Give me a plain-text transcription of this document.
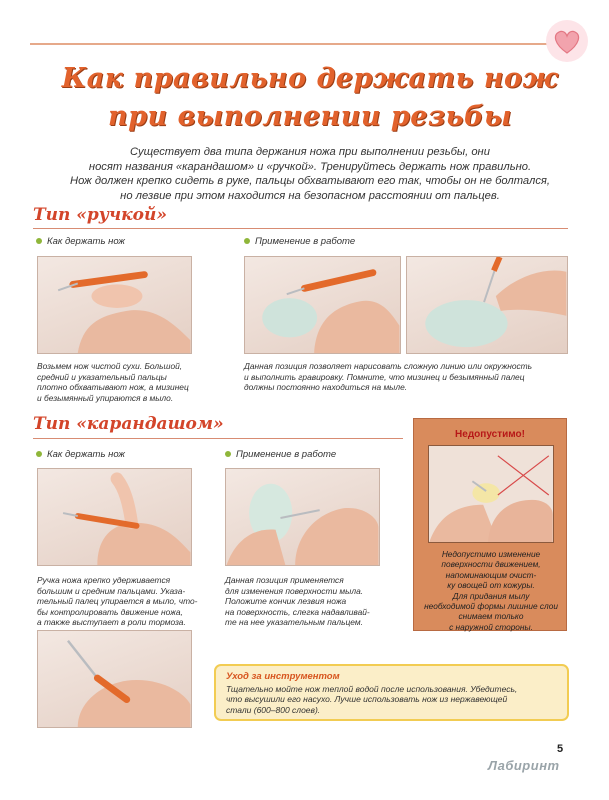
Как правильно держать нож
при выполнении резьбы
Существует два типа держания ножа при выполнении резьбы, они
носят названия «карандашом» и «ручкой». Тренируйтесь держать нож правильно.
Нож должен крепко сидеть в руке, пальцы обхватывают его так, чтобы он не болтался,
но лезвие при этом находится на безопасном расстоянии от пальцев.
Тип «ручкой»
Как держать нож	Применение в работе
Возьмем нож чистой сухи. Большой,
средний и указательный пальцы
плотно обхватывают нож, а мизинец
и безымянный упираются в мыло.
Данная позиция позволяет нарисовать сложную линию или окружность
и выполнить гравировку. Помните, что мизинец и безымянный палец
должны постоянно находиться на мыле.
Тип «карандашом»
Как держать нож	Применение в работе
Ручка ножа крепко удерживается
большим и средним пальцами. Указа-
тельный палец упирается в мыло, что-
бы контролировать движение ножа,
а также выступает в роли тормоза.
Данная позиция применяется
для изменения поверхности мыла.
Положите кончик лезвия ножа
на поверхность, слегка надавливай-
те на нее указательным пальцем.
Недопустимо!
Недопустимо изменение
поверхности движением,
напоминающим очист-
ку овощей от кожуры.
Для придания мылу
необходимой формы лишние слои снимаем только
с наружной стороны.
Уход за инструментом
Тщательно мойте нож теплой водой после использования. Убедитесь,
что высушили его насухо. Лучше использовать нож из нержавеющей
стали (600–800 слоев).
5
Лабиринт
